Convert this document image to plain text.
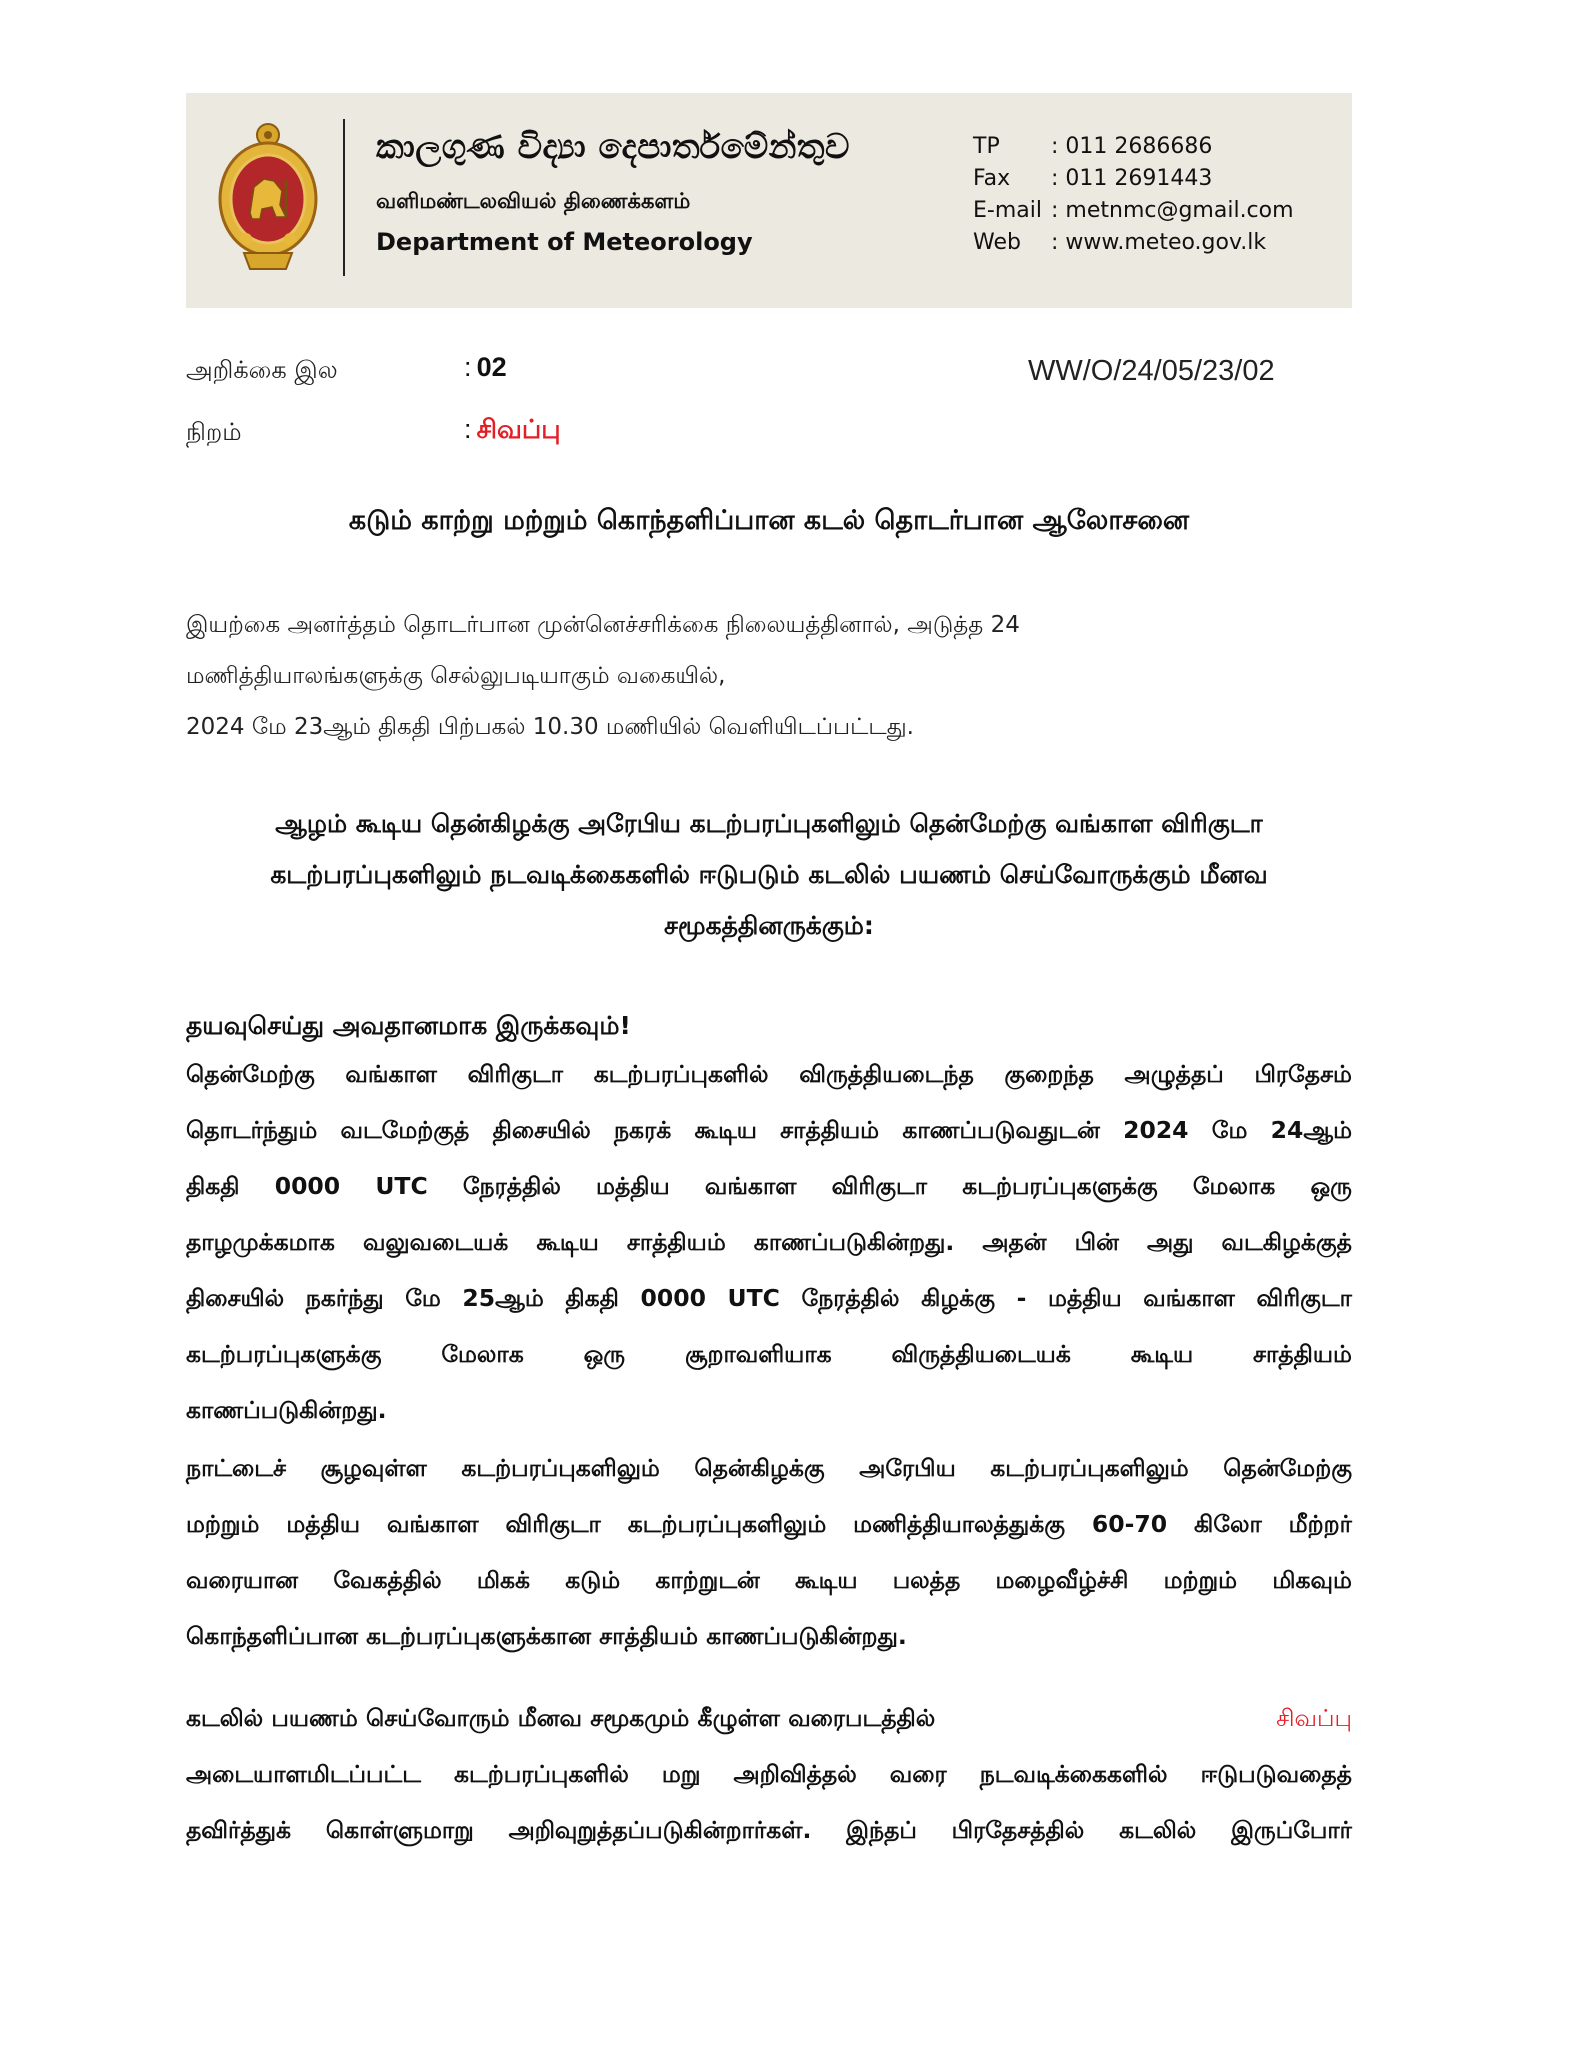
කාලගුණ විද්‍යා දෙපාර්තමේන්තුව
வளிமண்டலவியல் திணைக்களம்
Department of Meteorology
TP	: 011 2686686
Fax	: 011 2691443
E-mail : metnmc@gmail.com
Web	: www.meteo.gov.lk
அறிக்கை இல	: 02	WW/O/24/05/23/02
நிறம்	: சிவப்பு
கடும் காற்று மற்றும் கொந்தளிப்பான கடல் தொடர்பான ஆலோசனை
இயற்கை அனர்த்தம் தொடர்பான முன்னெச்சரிக்கை நிலையத்தினால், அடுத்த 24
மணித்தியாலங்களுக்கு செல்லுபடியாகும் வகையில்,
2024 மே 23ஆம் திகதி பிற்பகல் 10.30 மணியில் வெளியிடப்பட்டது.
ஆழம் கூடிய தென்கிழக்கு அரேபிய கடற்பரப்புகளிலும் தென்மேற்கு வங்காள விரிகுடா
கடற்பரப்புகளிலும் நடவடிக்கைகளில் ஈடுபடும் கடலில் பயணம் செய்வோருக்கும் மீனவ
சமூகத்தினருக்கும்:
தயவுசெய்து அவதானமாக இருக்கவும்!
தென்மேற்கு வங்காள விரிகுடா கடற்பரப்புகளில் விருத்தியடைந்த குறைந்த அழுத்தப் பிரதேசம்
தொடர்ந்தும் வடமேற்குத் திசையில் நகரக் கூடிய சாத்தியம் காணப்படுவதுடன் 2024 மே 24ஆம்
திகதி 0000 UTC நேரத்தில் மத்திய வங்காள விரிகுடா கடற்பரப்புகளுக்கு மேலாக ஒரு
தாழமுக்கமாக வலுவடையக் கூடிய சாத்தியம் காணப்படுகின்றது. அதன் பின் அது வடகிழக்குத்
திசையில் நகர்ந்து மே 25ஆம் திகதி 0000 UTC நேரத்தில் கிழக்கு - மத்திய வங்காள விரிகுடா
கடற்பரப்புகளுக்கு	மேலாக	ஒரு	சூறாவளியாக	விருத்தியடையக்	கூடிய	சாத்தியம்
காணப்படுகின்றது.
நாட்டைச் சூழவுள்ள கடற்பரப்புகளிலும் தென்கிழக்கு அரேபிய கடற்பரப்புகளிலும் தென்மேற்கு
மற்றும் மத்திய வங்காள விரிகுடா கடற்பரப்புகளிலும் மணித்தியாலத்துக்கு 60-70 கிலோ மீற்றர்
வரையான வேகத்தில் மிகக் கடும் காற்றுடன் கூடிய பலத்த மழைவீழ்ச்சி மற்றும் மிகவும்
கொந்தளிப்பான கடற்பரப்புகளுக்கான சாத்தியம் காணப்படுகின்றது.
கடலில் பயணம் செய்வோரும் மீனவ சமூகமும் கீழுள்ள வரைபடத்தில்	சிவப்பு
அடையாளமிடப்பட்ட கடற்பரப்புகளில் மறு அறிவித்தல் வரை நடவடிக்கைகளில் ஈடுபடுவதைத்
தவிர்த்துக் கொள்ளுமாறு அறிவுறுத்தப்படுகின்றார்கள். இந்தப் பிரதேசத்தில் கடலில் இருப்போர்
